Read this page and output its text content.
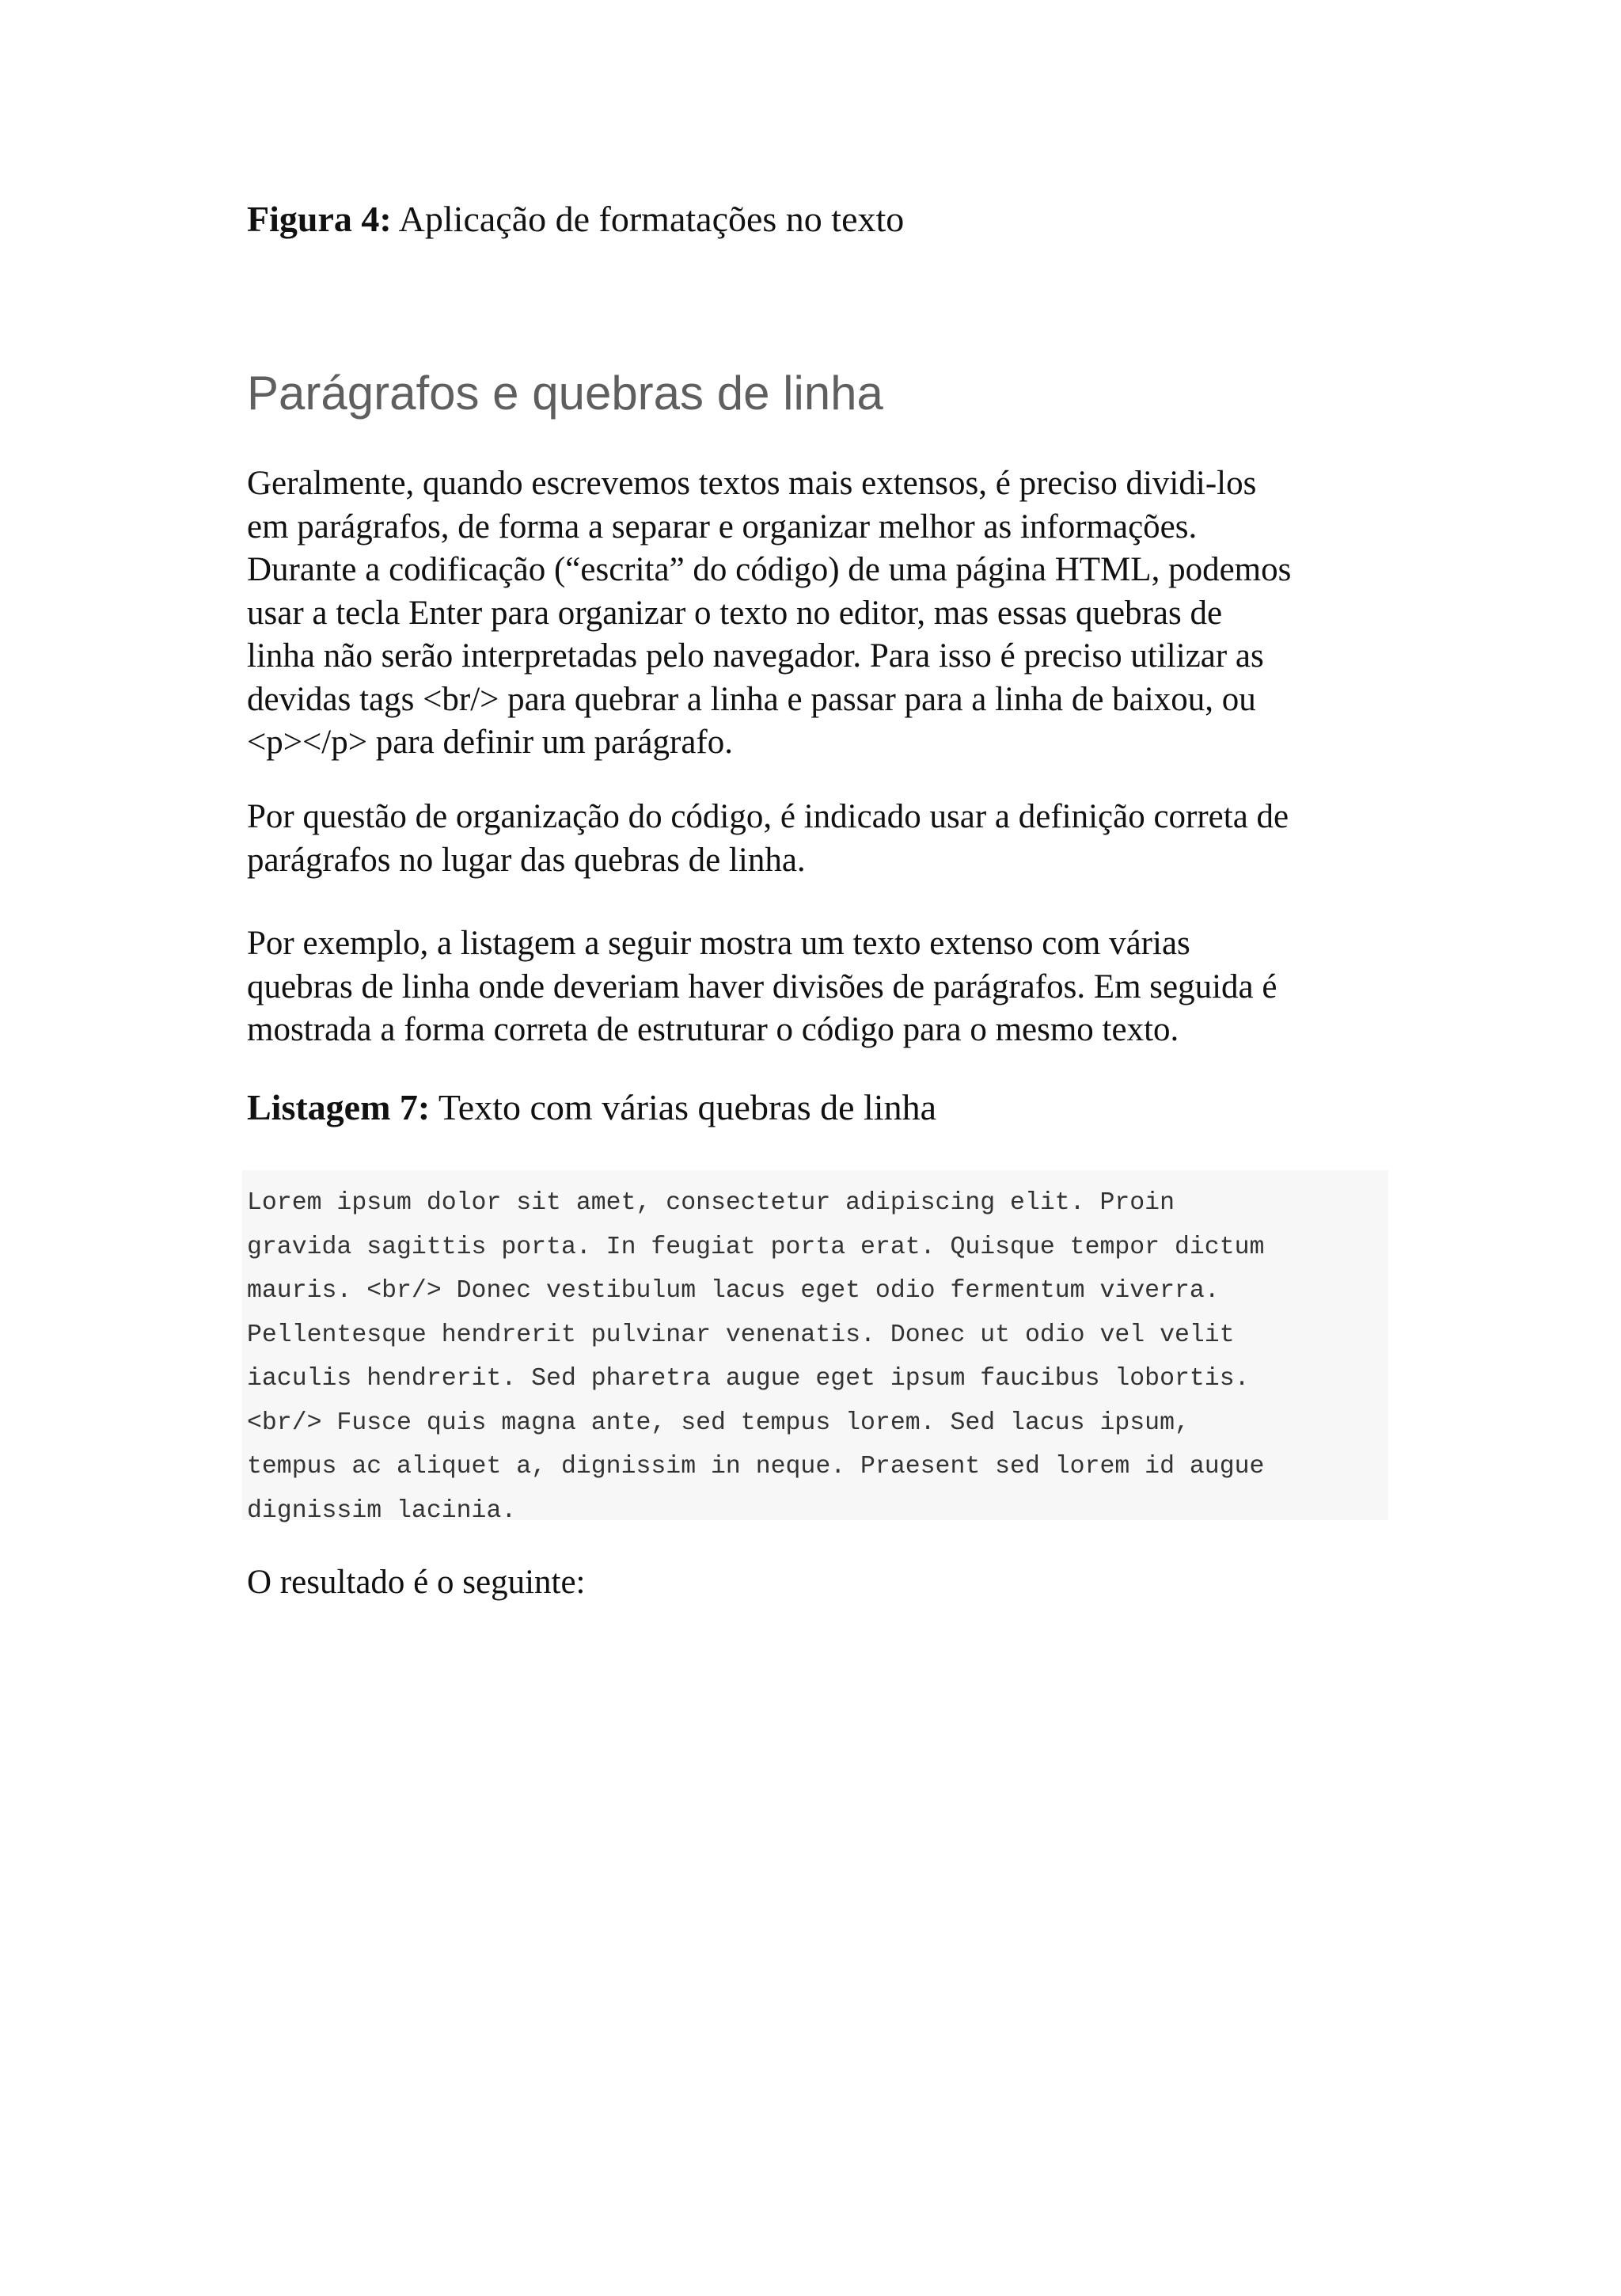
Figura 4: Aplicação de formatações no texto

Parágrafos e quebras de linha

Geralmente, quando escrevemos textos mais extensos, é preciso dividi-los
em parágrafos, de forma a separar e organizar melhor as informações.
Durante a codificação (“escrita” do código) de uma página HTML, podemos
usar a tecla Enter para organizar o texto no editor, mas essas quebras de
linha não serão interpretadas pelo navegador. Para isso é preciso utilizar as
devidas tags <br/> para quebrar a linha e passar para a linha de baixou, ou
<p></p> para definir um parágrafo.

Por questão de organização do código, é indicado usar a definição correta de
parágrafos no lugar das quebras de linha.

Por exemplo, a listagem a seguir mostra um texto extenso com várias
quebras de linha onde deveriam haver divisões de parágrafos. Em seguida é
mostrada a forma correta de estruturar o código para o mesmo texto.

Listagem 7: Texto com várias quebras de linha

Lorem ipsum dolor sit amet, consectetur adipiscing elit. Proin
gravida sagittis porta. In feugiat porta erat. Quisque tempor dictum
mauris. <br/> Donec vestibulum lacus eget odio fermentum viverra.
Pellentesque hendrerit pulvinar venenatis. Donec ut odio vel velit
iaculis hendrerit. Sed pharetra augue eget ipsum faucibus lobortis.
<br/> Fusce quis magna ante, sed tempus lorem. Sed lacus ipsum,
tempus ac aliquet a, dignissim in neque. Praesent sed lorem id augue
dignissim lacinia.

O resultado é o seguinte:
